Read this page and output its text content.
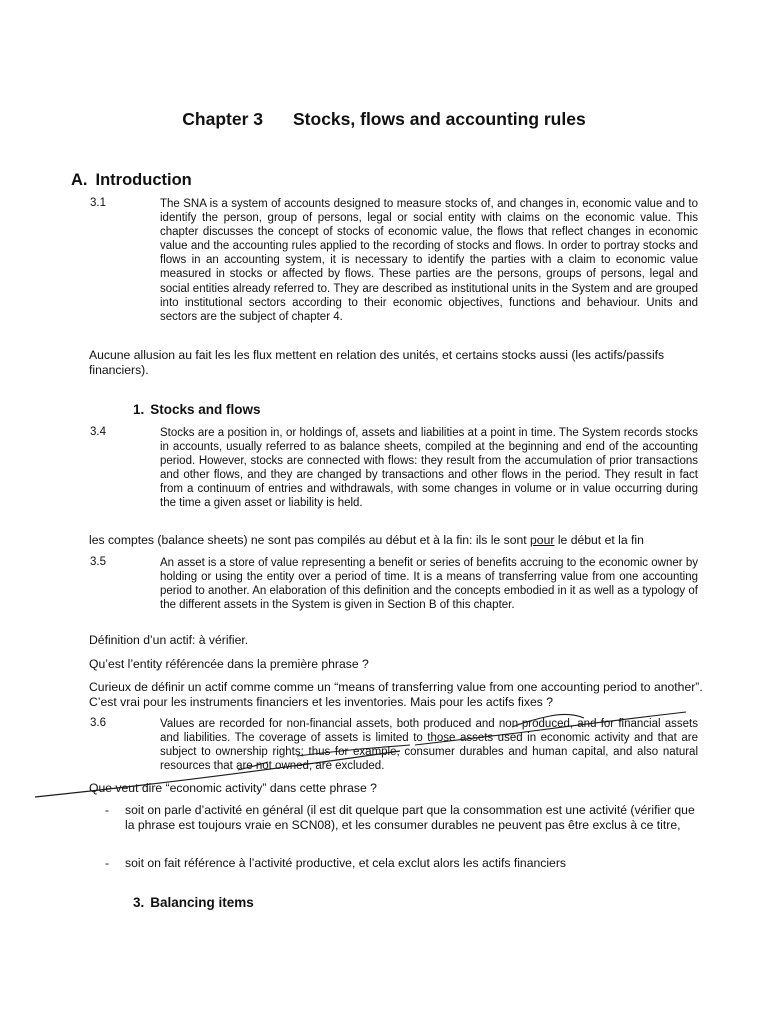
Chapter 3 Stocks, flows and accounting rules
A. Introduction
3.1	The SNA is a system of accounts designed to measure stocks of, and changes in, economic value and to identify the person, group of persons, legal or social entity with claims on the economic value. This chapter discusses the concept of stocks of economic value, the flows that reflect changes in economic value and the accounting rules applied to the recording of stocks and flows. In order to portray stocks and flows in an accounting system, it is necessary to identify the parties with a claim to economic value measured in stocks or affected by flows. These parties are the persons, groups of persons, legal and social entities already referred to. They are described as institutional units in the System and are grouped into institutional sectors according to their economic objectives, functions and behaviour. Units and sectors are the subject of chapter 4.
Aucune allusion au fait les les flux mettent en relation des unités, et certains stocks aussi (les actifs/passifs financiers).
1. Stocks and flows
3.4	Stocks are a position in, or holdings of, assets and liabilities at a point in time. The System records stocks in accounts, usually referred to as balance sheets, compiled at the beginning and end of the accounting period. However, stocks are connected with flows: they result from the accumulation of prior transactions and other flows, and they are changed by transactions and other flows in the period. They result in fact from a continuum of entries and withdrawals, with some changes in volume or in value occurring during the time a given asset or liability is held.
les comptes (balance sheets) ne sont pas compilés au début et à la fin: ils le sont pour le début et la fin
3.5	An asset is a store of value representing a benefit or series of benefits accruing to the economic owner by holding or using the entity over a period of time. It is a means of transferring value from one accounting period to another. An elaboration of this definition and the concepts embodied in it as well as a typology of the different assets in the System is given in Section B of this chapter.
Définition d’un actif: à vérifier.
Qu’est l’entity référencée dans la première phrase ?
Curieux de définir un actif comme comme un “means of transferring value from one accounting period to another”. C’est vrai pour les instruments financiers et les inventories. Mais pour les actifs fixes ?
3.6	Values are recorded for non-financial assets, both produced and non-produced, and for financial assets and liabilities. The coverage of assets is limited to those assets used in economic activity and that are subject to ownership rights; thus for example, consumer durables and human capital, and also natural resources that are not owned, are excluded.
Que veut dire “economic activity” dans cette phrase ?
- soit on parle d’activité en général (il est dit quelque part que la consommation est une activité (vérifier que la phrase est toujours vraie en SCN08), et les consumer durables ne peuvent pas être exclus à ce titre,
- soit on fait référence à l’activité productive, et cela exclut alors les actifs financiers
3. Balancing items
